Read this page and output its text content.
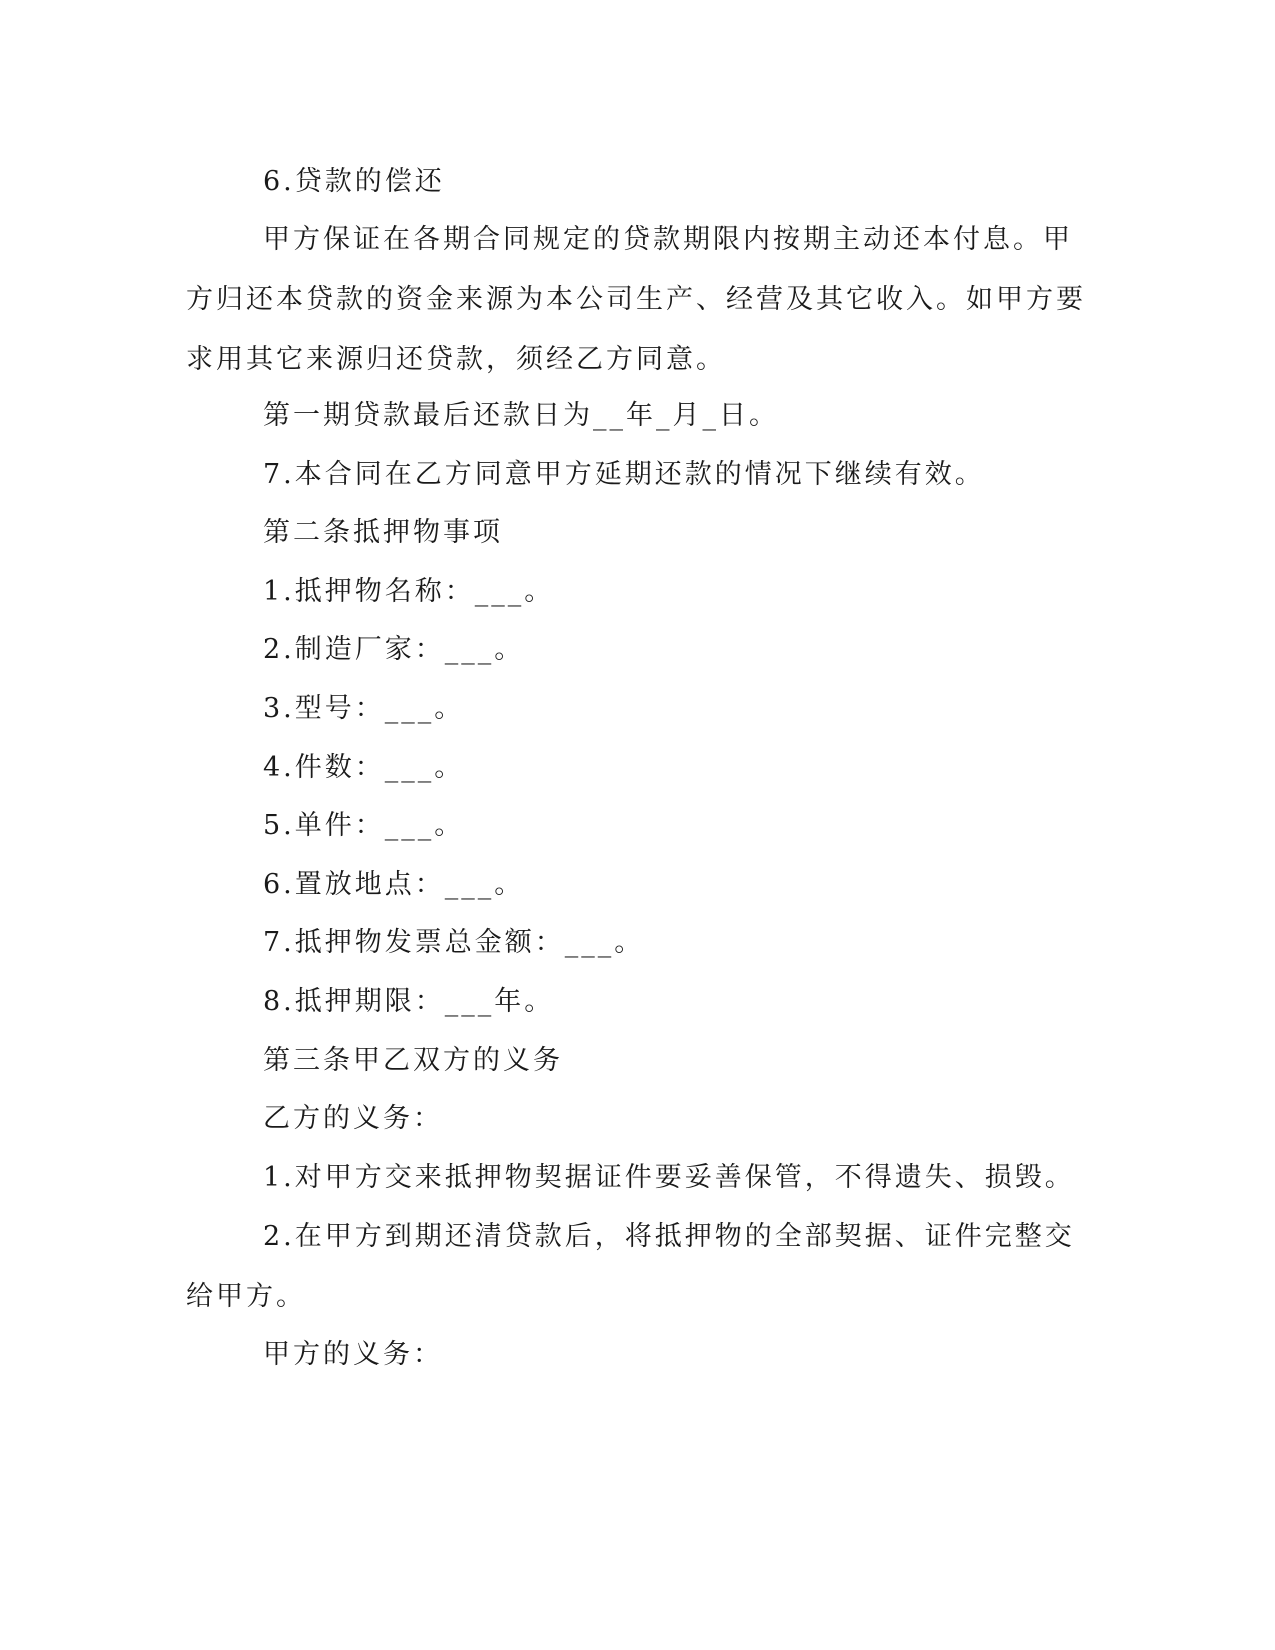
6.贷款的偿还

甲方保证在各期合同规定的贷款期限内按期主动还本付息。甲方归还本贷款的资金来源为本公司生产、经营及其它收入。如甲方要求用其它来源归还贷款，须经乙方同意。

第一期贷款最后还款日为__年_月_日。

7.本合同在乙方同意甲方延期还款的情况下继续有效。

第二条抵押物事项

1.抵押物名称：___。

2.制造厂家：___。

3.型号：___。

4.件数：___。

5.单件：___。

6.置放地点：___。

7.抵押物发票总金额：___。

8.抵押期限：___年。

第三条甲乙双方的义务

乙方的义务：

1.对甲方交来抵押物契据证件要妥善保管，不得遗失、损毁。

2.在甲方到期还清贷款后，将抵押物的全部契据、证件完整交给甲方。

甲方的义务：
